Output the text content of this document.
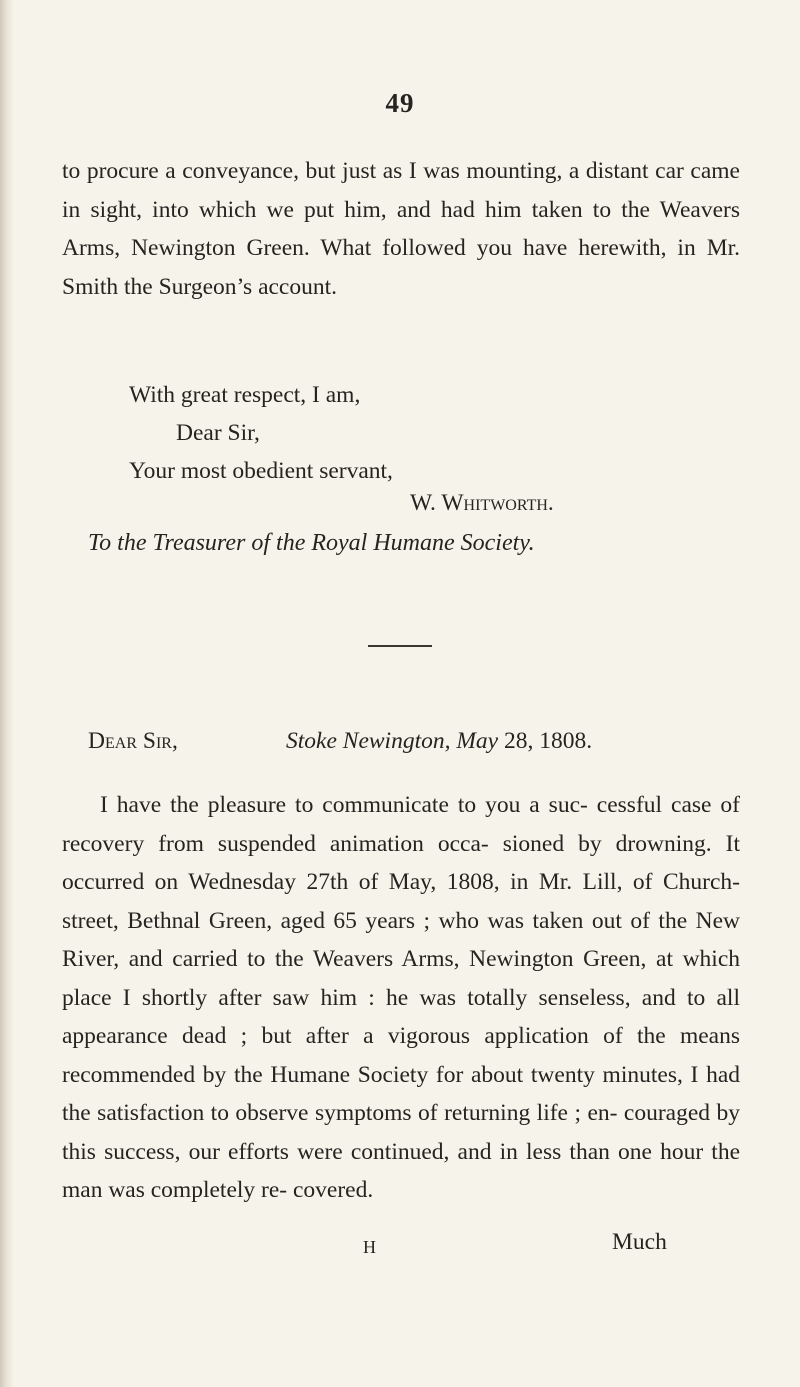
49
to procure a conveyance, but just as I was mounting, a distant car came in sight, into which we put him, and had him taken to the Weavers Arms, Newington Green. What followed you have herewith, in Mr. Smith the Surgeon’s account.
With great respect, I am,
Dear Sir,
Your most obedient servant,
W. Whitworth.
To the Treasurer of the Royal Humane Society.
Dear Sir,	Stoke Newington, May 28, 1808.
I have the pleasure to communicate to you a suc- cessful case of recovery from suspended animation occa- sioned by drowning. It occurred on Wednesday 27th of May, 1808, in Mr. Lill, of Church-street, Bethnal Green, aged 65 years ; who was taken out of the New River, and carried to the Weavers Arms, Newington Green, at which place I shortly after saw him : he was totally senseless, and to all appearance dead ; but after a vigorous application of the means recommended by the Humane Society for about twenty minutes, I had the satisfaction to observe symptoms of returning life ; en- couraged by this success, our efforts were continued, and in less than one hour the man was completely re- covered.
H	Much
